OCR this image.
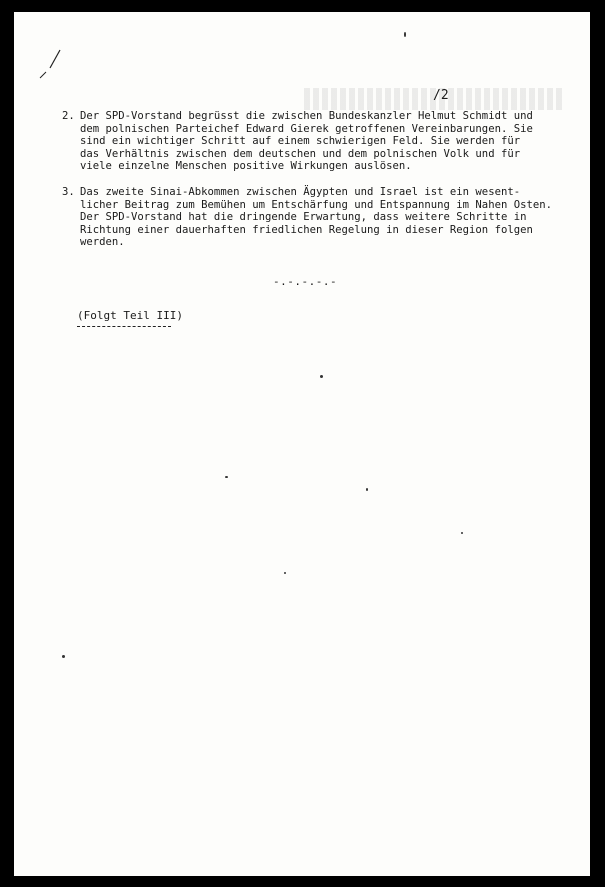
/2
2. Der SPD-Vorstand begrüsst die zwischen Bundeskanzler Helmut Schmidt und
dem polnischen Parteichef Edward Gierek getroffenen Vereinbarungen. Sie
sind ein wichtiger Schritt auf einem schwierigen Feld. Sie werden für
das Verhältnis zwischen dem deutschen und dem polnischen Volk und für
viele einzelne Menschen positive Wirkungen auslösen.
3. Das zweite Sinai-Abkommen zwischen Ägypten und Israel ist ein wesent-
licher Beitrag zum Bemühen um Entschärfung und Entspannung im Nahen Osten.
Der SPD-Vorstand hat die dringende Erwartung, dass weitere Schritte in
Richtung einer dauerhaften friedlichen Regelung in dieser Region folgen
werden.
-.-.-.-.-
(Folgt Teil III)
